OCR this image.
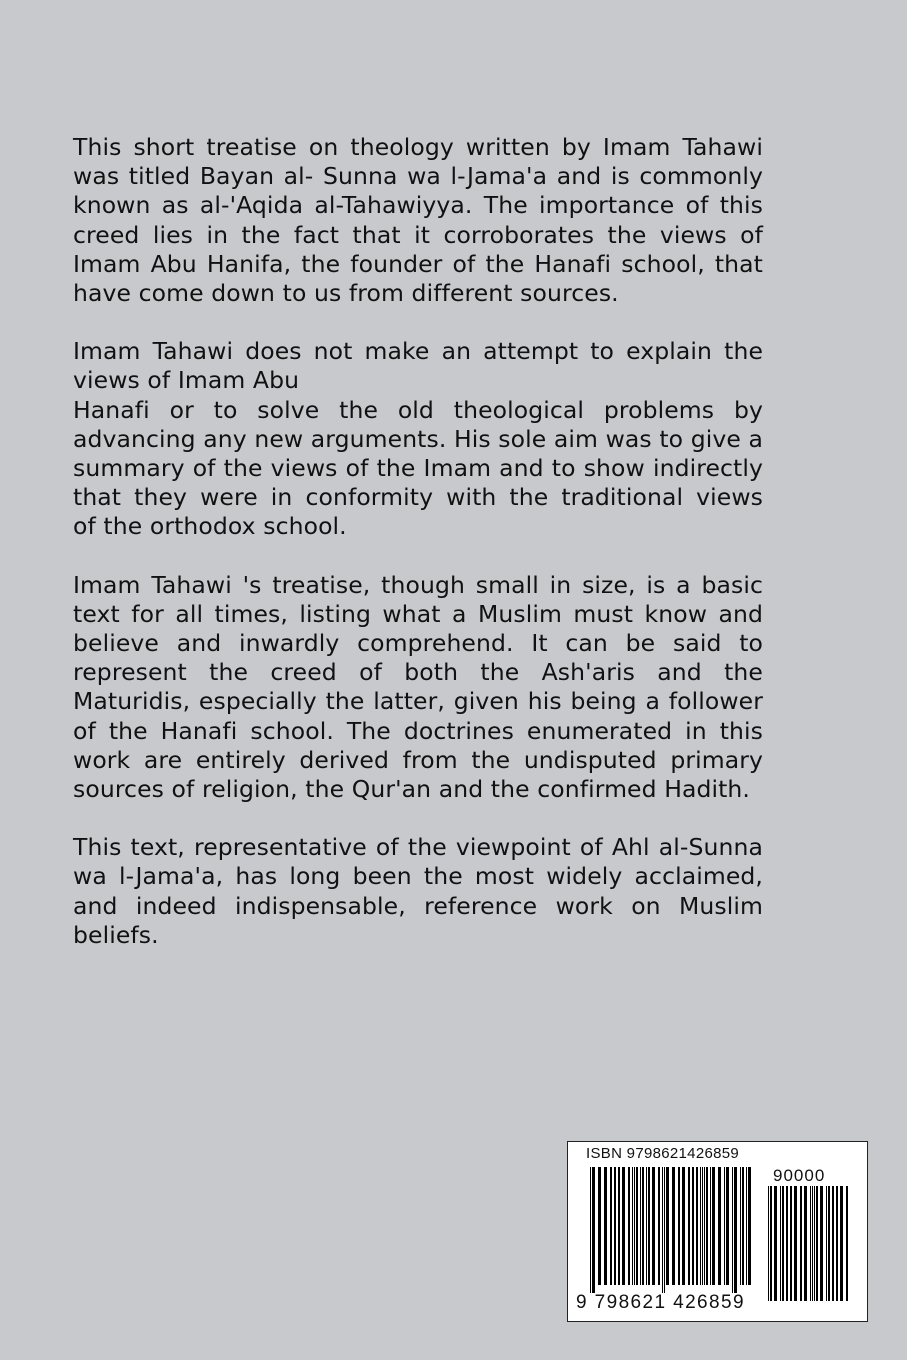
This short treatise on theology written by Imam Tahawi
was titled Bayan al- Sunna wa l-Jama'a and is commonly
known as al-'Aqida al-Tahawiyya. The importance of this
creed lies in the fact that it corroborates the views of
Imam Abu Hanifa, the founder of the Hanafi school, that
have come down to us from different sources.

Imam Tahawi does not make an attempt to explain the
views of Imam Abu
Hanafi or to solve the old theological problems by
advancing any new arguments. His sole aim was to give a
summary of the views of the Imam and to show indirectly
that they were in conformity with the traditional views
of the orthodox school.

Imam Tahawi 's treatise, though small in size, is a basic
text for all times, listing what a Muslim must know and
believe and inwardly comprehend. It can be said to
represent the creed of both the Ash'aris and the
Maturidis, especially the latter, given his being a follower
of the Hanafi school. The doctrines enumerated in this
work are entirely derived from the undisputed primary
sources of religion, the Qur'an and the confirmed Hadith.

This text, representative of the viewpoint of Ahl al-Sunna
wa l-Jama'a, has long been the most widely acclaimed,
and indeed indispensable, reference work on Muslim
beliefs.

ISBN 9798621426859
90000
9 798621 426859
